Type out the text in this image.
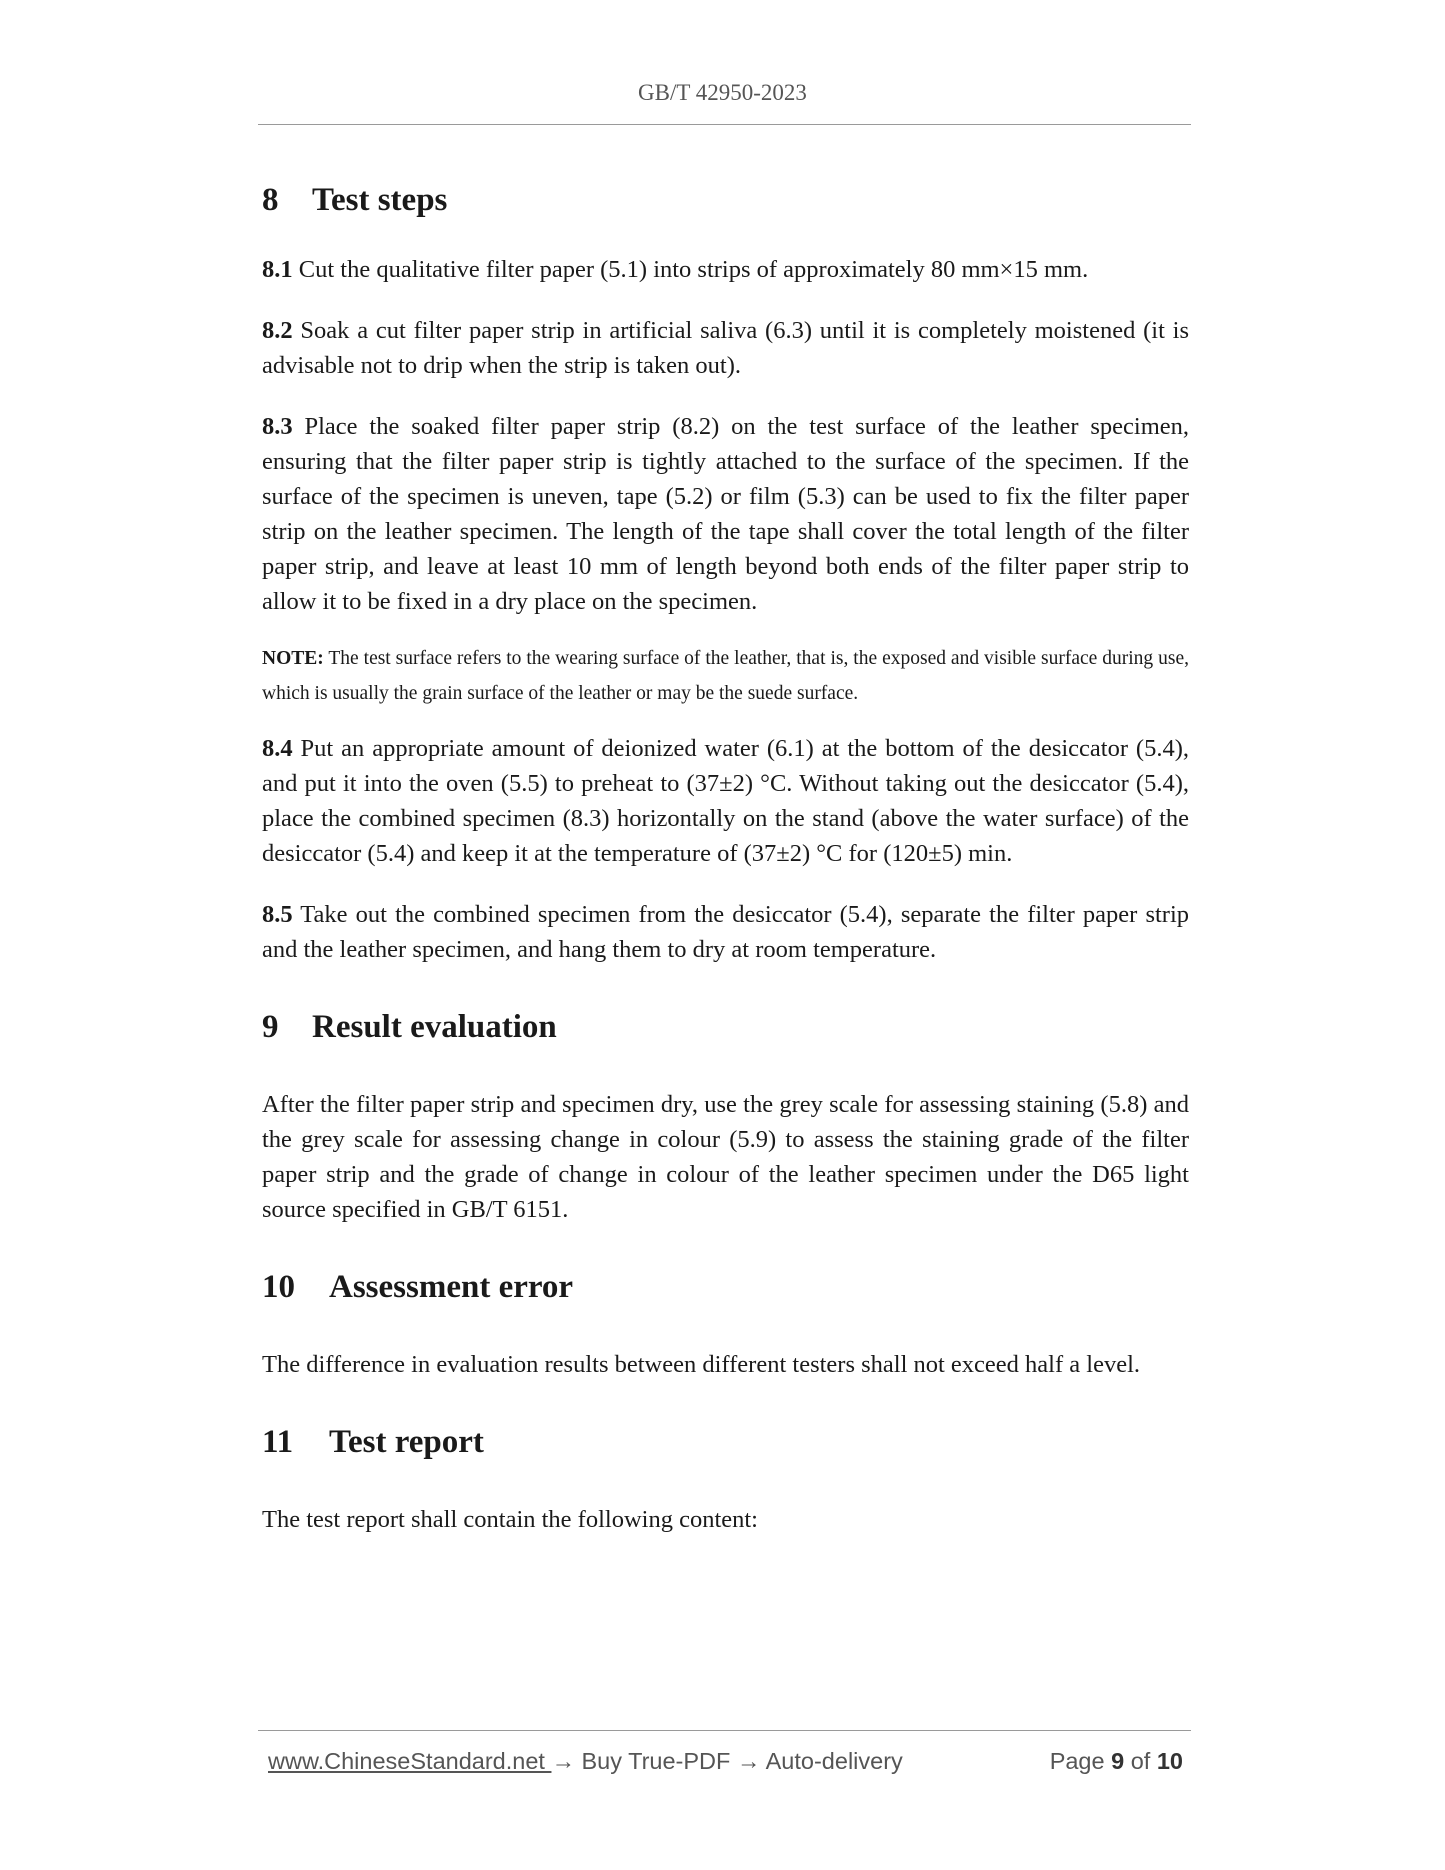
GB/T 42950-2023
8 Test steps

8.1 Cut the qualitative filter paper (5.1) into strips of approximately 80 mm×15 mm.

8.2 Soak a cut filter paper strip in artificial saliva (6.3) until it is completely moistened (it is advisable not to drip when the strip is taken out).

8.3 Place the soaked filter paper strip (8.2) on the test surface of the leather specimen, ensuring that the filter paper strip is tightly attached to the surface of the specimen. If the surface of the specimen is uneven, tape (5.2) or film (5.3) can be used to fix the filter paper strip on the leather specimen. The length of the tape shall cover the total length of the filter paper strip, and leave at least 10 mm of length beyond both ends of the filter paper strip to allow it to be fixed in a dry place on the specimen.

NOTE: The test surface refers to the wearing surface of the leather, that is, the exposed and visible surface during use, which is usually the grain surface of the leather or may be the suede surface.

8.4 Put an appropriate amount of deionized water (6.1) at the bottom of the desiccator (5.4), and put it into the oven (5.5) to preheat to (37±2) °C. Without taking out the desiccator (5.4), place the combined specimen (8.3) horizontally on the stand (above the water surface) of the desiccator (5.4) and keep it at the temperature of (37±2) °C for (120±5) min.

8.5 Take out the combined specimen from the desiccator (5.4), separate the filter paper strip and the leather specimen, and hang them to dry at room temperature.

9 Result evaluation

After the filter paper strip and specimen dry, use the grey scale for assessing staining (5.8) and the grey scale for assessing change in colour (5.9) to assess the staining grade of the filter paper strip and the grade of change in colour of the leather specimen under the D65 light source specified in GB/T 6151.

10 Assessment error

The difference in evaluation results between different testers shall not exceed half a level.

11 Test report

The test report shall contain the following content:

www.ChineseStandard.net → Buy True-PDF → Auto-delivery	Page 9 of 10
